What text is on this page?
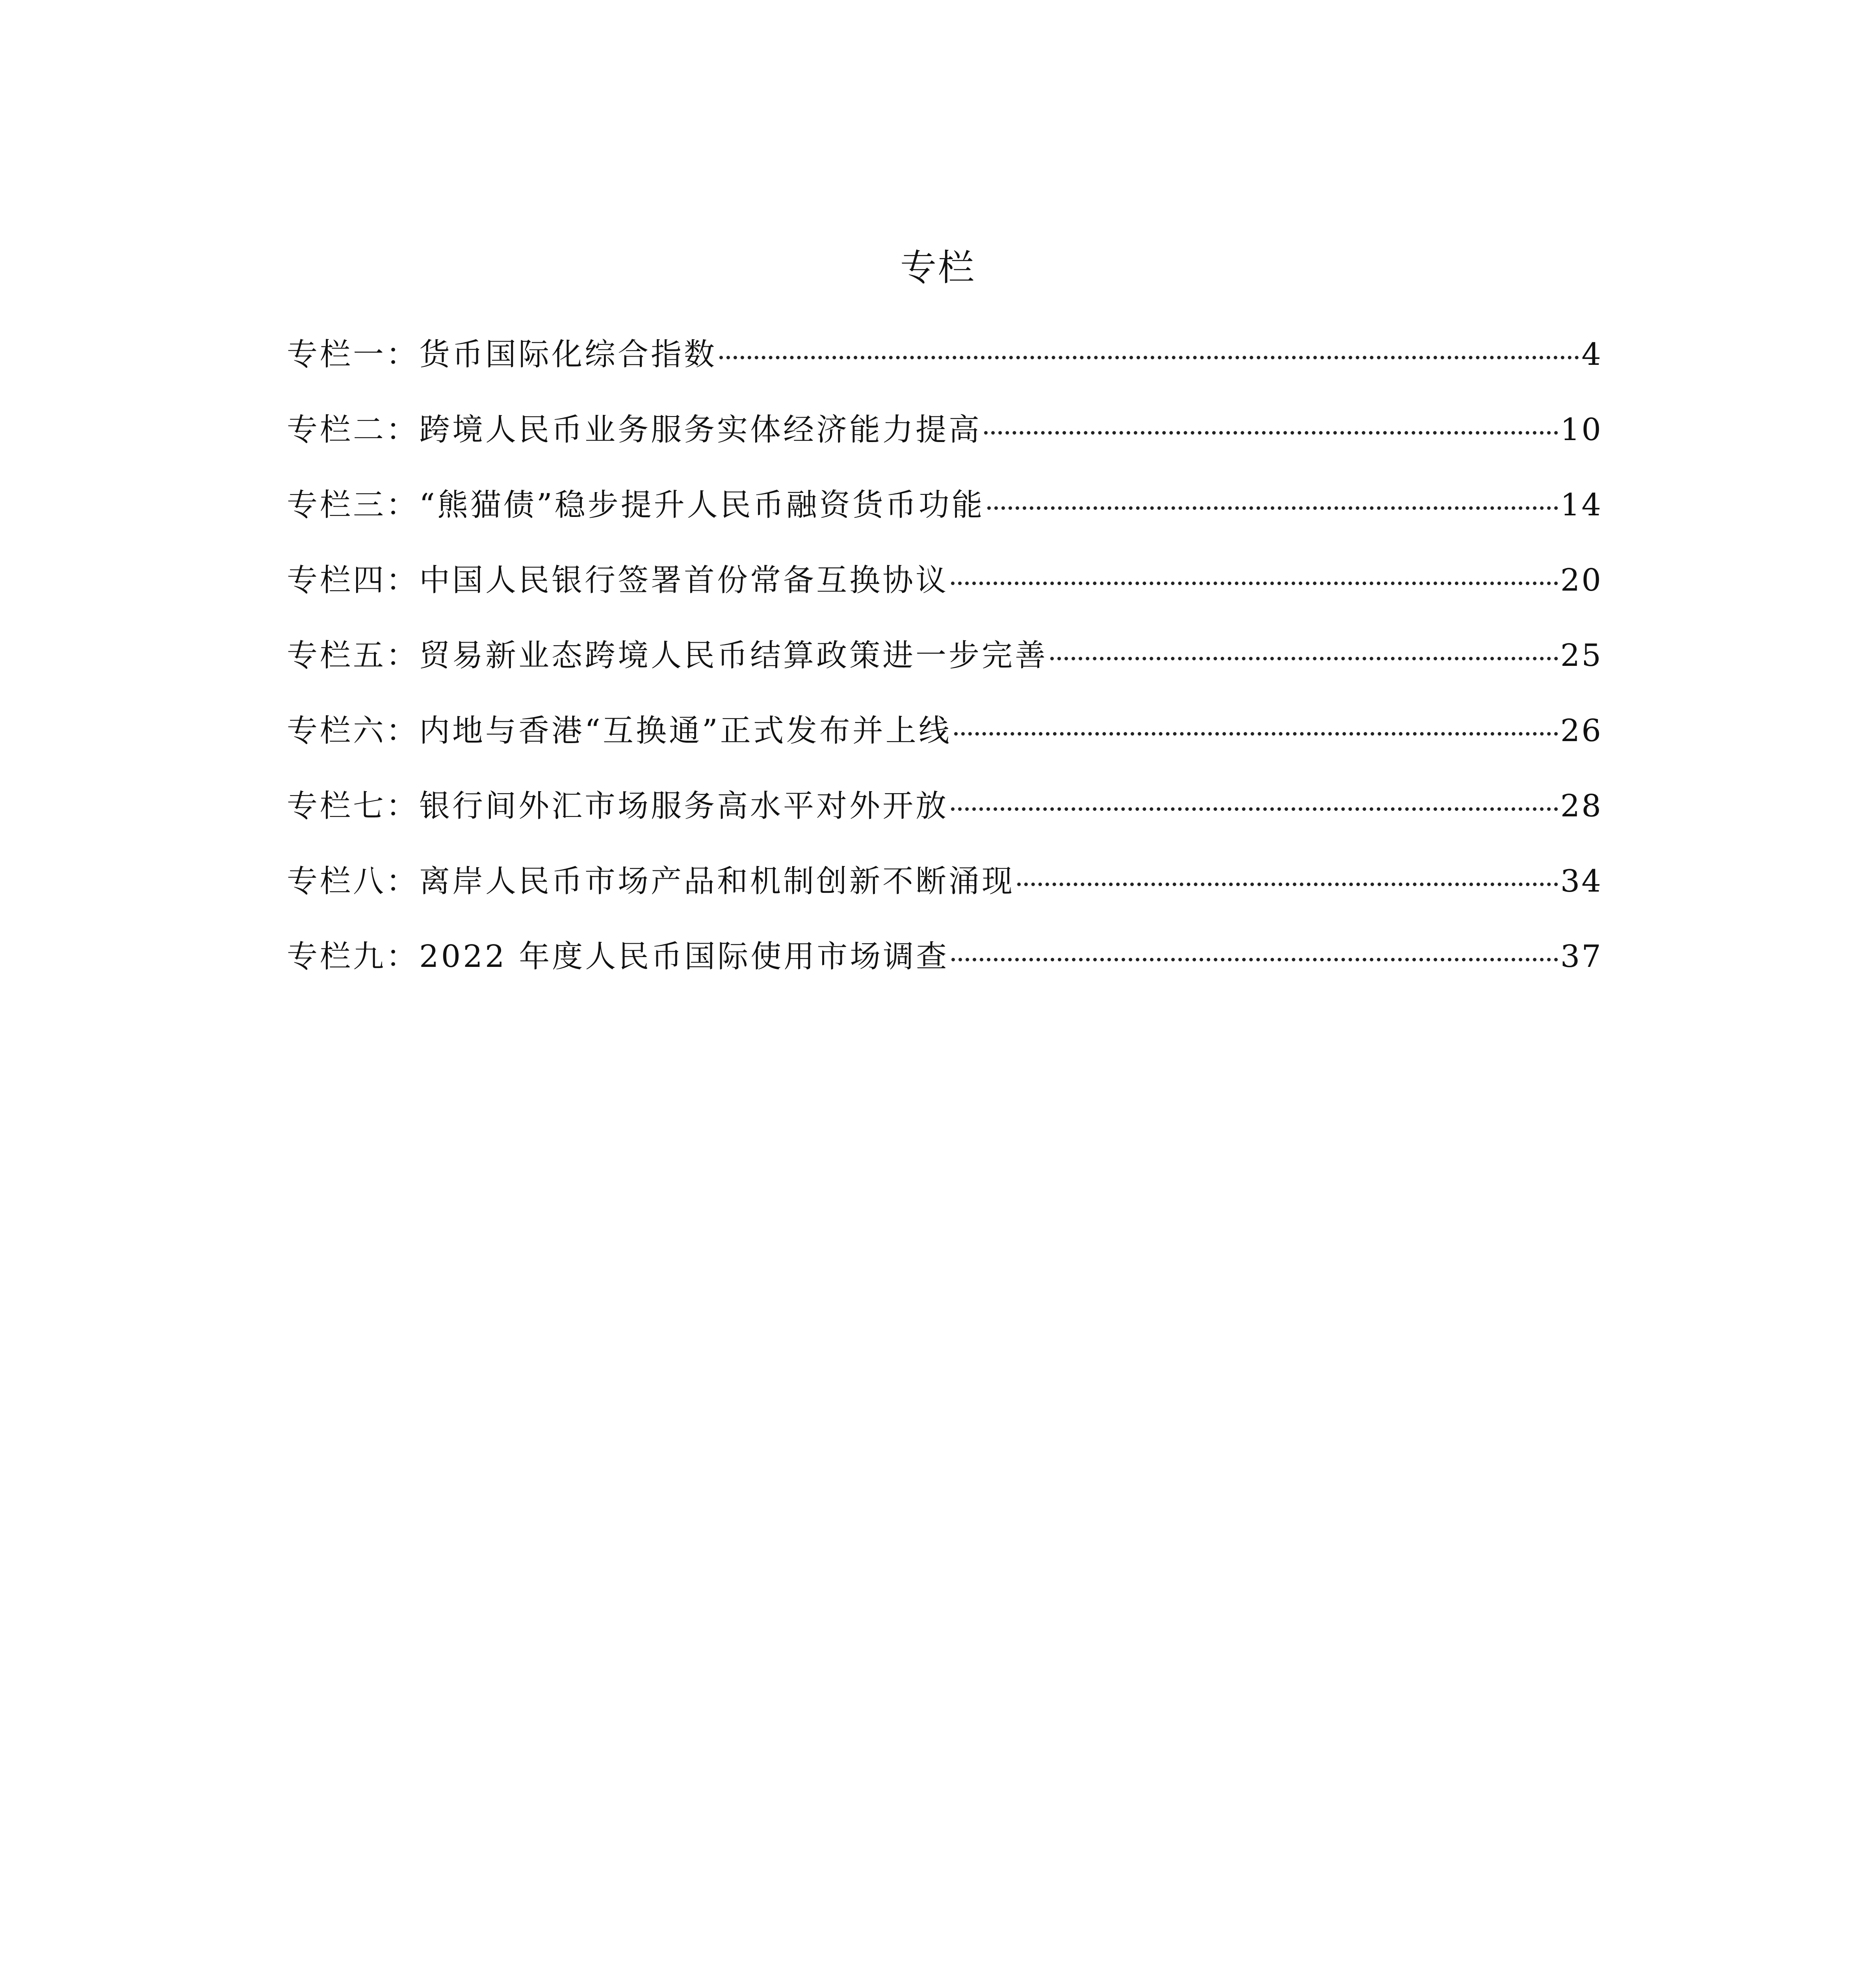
专栏
专栏一：货币国际化综合指数	4
专栏二：跨境人民币业务服务实体经济能力提高	10
专栏三：“熊猫债”稳步提升人民币融资货币功能	14
专栏四：中国人民银行签署首份常备互换协议	20
专栏五：贸易新业态跨境人民币结算政策进一步完善	25
专栏六：内地与香港“互换通”正式发布并上线	26
专栏七：银行间外汇市场服务高水平对外开放	28
专栏八：离岸人民币市场产品和机制创新不断涌现	34
专栏九：2022 年度人民币国际使用市场调查	37
